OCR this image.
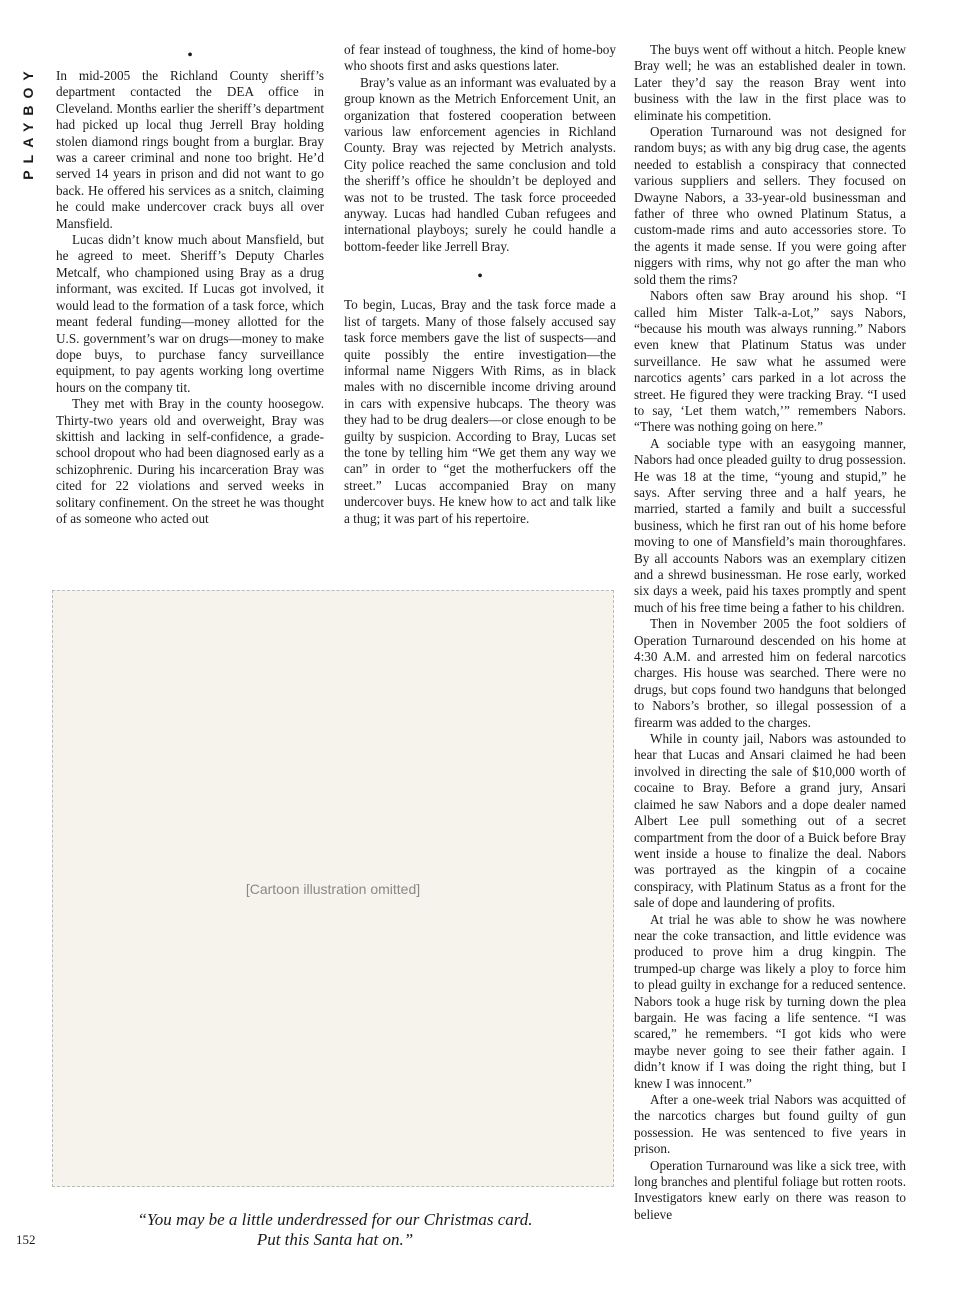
PLAYBOY

•

In mid-2005 the Richland County sheriff’s department contacted the DEA office in Cleveland. Months earlier the sheriff’s department had picked up local thug Jerrell Bray holding stolen diamond rings bought from a burglar. Bray was a career criminal and none too bright. He’d served 14 years in prison and did not want to go back. He offered his services as a snitch, claiming he could make undercover crack buys all over Mansfield.

Lucas didn’t know much about Mansfield, but he agreed to meet. Sheriff’s Deputy Charles Metcalf, who championed using Bray as a drug informant, was excited. If Lucas got involved, it would lead to the formation of a task force, which meant federal funding—money allotted for the U.S. government’s war on drugs—money to make dope buys, to purchase fancy surveillance equipment, to pay agents working long overtime hours on the company tit.

They met with Bray in the county hoosegow. Thirty-two years old and overweight, Bray was skittish and lacking in self-confidence, a grade-school dropout who had been diagnosed early as a schizophrenic. During his incarceration Bray was cited for 22 violations and served weeks in solitary confinement. On the street he was thought of as someone who acted out

of fear instead of toughness, the kind of home-boy who shoots first and asks questions later.

Bray’s value as an informant was evaluated by a group known as the Metrich Enforcement Unit, an organization that fostered cooperation between various law enforcement agencies in Richland County. Bray was rejected by Metrich analysts. City police reached the same conclusion and told the sheriff’s office he shouldn’t be deployed and was not to be trusted. The task force proceeded anyway. Lucas had handled Cuban refugees and international playboys; surely he could handle a bottom-feeder like Jerrell Bray.

•

To begin, Lucas, Bray and the task force made a list of targets. Many of those falsely accused say task force members gave the list of suspects—and quite possibly the entire investigation—the informal name Niggers With Rims, as in black males with no discernible income driving around in cars with expensive hubcaps. The theory was they had to be drug dealers—or close enough to be guilty by suspicion. According to Bray, Lucas set the tone by telling him “We get them any way we can” in order to “get the motherfuckers off the street.” Lucas accompanied Bray on many undercover buys. He knew how to act and talk like a thug; it was part of his repertoire.

The buys went off without a hitch. People knew Bray well; he was an established dealer in town. Later they’d say the reason Bray went into business with the law in the first place was to eliminate his competition.

Operation Turnaround was not designed for random buys; as with any big drug case, the agents needed to establish a conspiracy that connected various suppliers and sellers. They focused on Dwayne Nabors, a 33-year-old businessman and father of three who owned Platinum Status, a custom-made rims and auto accessories store. To the agents it made sense. If you were going after niggers with rims, why not go after the man who sold them the rims?

Nabors often saw Bray around his shop. “I called him Mister Talk-a-Lot,” says Nabors, “because his mouth was always running.” Nabors even knew that Platinum Status was under surveillance. He saw what he assumed were narcotics agents’ cars parked in a lot across the street. He figured they were tracking Bray. “I used to say, ‘Let them watch,’” remembers Nabors. “There was nothing going on here.”

A sociable type with an easygoing manner, Nabors had once pleaded guilty to drug possession. He was 18 at the time, “young and stupid,” he says. After serving three and a half years, he married, started a family and built a successful business, which he first ran out of his home before moving to one of Mansfield’s main thoroughfares. By all accounts Nabors was an exemplary citizen and a shrewd businessman. He rose early, worked six days a week, paid his taxes promptly and spent much of his free time being a father to his children.

Then in November 2005 the foot soldiers of Operation Turnaround descended on his home at 4:30 A.M. and arrested him on federal narcotics charges. His house was searched. There were no drugs, but cops found two handguns that belonged to Nabors’s brother, so illegal possession of a firearm was added to the charges.

While in county jail, Nabors was astounded to hear that Lucas and Ansari claimed he had been involved in directing the sale of $10,000 worth of cocaine to Bray. Before a grand jury, Ansari claimed he saw Nabors and a dope dealer named Albert Lee pull something out of a secret compartment from the door of a Buick before Bray went inside a house to finalize the deal. Nabors was portrayed as the kingpin of a cocaine conspiracy, with Platinum Status as a front for the sale of dope and laundering of profits.

At trial he was able to show he was nowhere near the coke transaction, and little evidence was produced to prove him a drug kingpin. The trumped-up charge was likely a ploy to force him to plead guilty in exchange for a reduced sentence. Nabors took a huge risk by turning down the plea bargain. He was facing a life sentence. “I was scared,” he remembers. “I got kids who were maybe never going to see their father again. I didn’t know if I was doing the right thing, but I knew I was innocent.”

After a one-week trial Nabors was acquitted of the narcotics charges but found guilty of gun possession. He was sentenced to five years in prison.

Operation Turnaround was like a sick tree, with long branches and plentiful foliage but rotten roots. Investigators knew early on there was reason to believe

[Cartoon illustration omitted]

“You may be a little underdressed for our Christmas card.

Put this Santa hat on.”

152
